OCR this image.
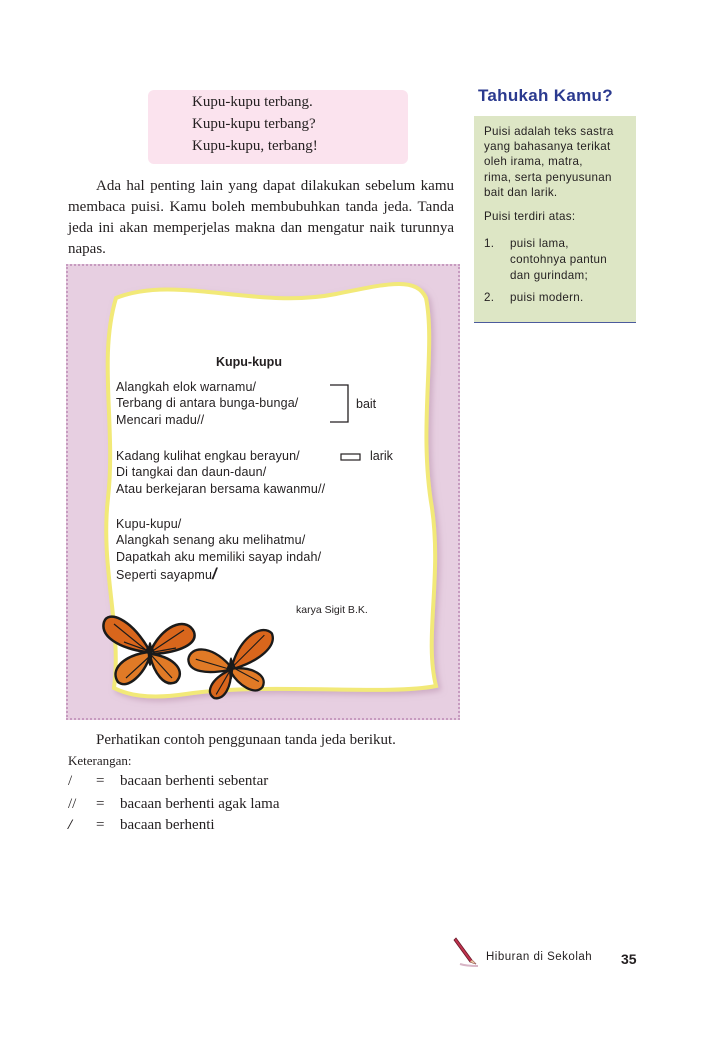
Kupu-kupu terbang.
Kupu-kupu terbang?
Kupu-kupu, terbang!

Ada hal penting lain yang dapat dilakukan sebelum kamu membaca puisi. Kamu boleh membubuhkan tanda jeda. Tanda jeda ini akan memperjelas makna dan mengatur naik turunnya napas.

Tahukah Kamu?
Puisi adalah teks sastra
yang bahasanya terikat
oleh irama, matra,
rima, serta penyusunan
bait dan larik.
Puisi terdiri atas:
1. puisi lama,
contohnya pantun
dan gurindam;
2. puisi modern.
Kupu-kupu
Alangkah elok warnamu/
Terbang di antara bunga-bunga/
Mencari madu//
Kadang kulihat engkau berayun/
Di tangkai dan daun-daun/
Atau berkejaran bersama kawanmu//
Kupu-kupu/
Alangkah senang aku melihatmu/
Dapatkah aku memiliki sayap indah/
Seperti sayapmu/
bait
larik
karya Sigit B.K.
Perhatikan contoh penggunaan tanda jeda berikut.
Keterangan:
/ = bacaan berhenti sebentar
// = bacaan berhenti agak lama
/ = bacaan berhenti
Hiburan di Sekolah 35
